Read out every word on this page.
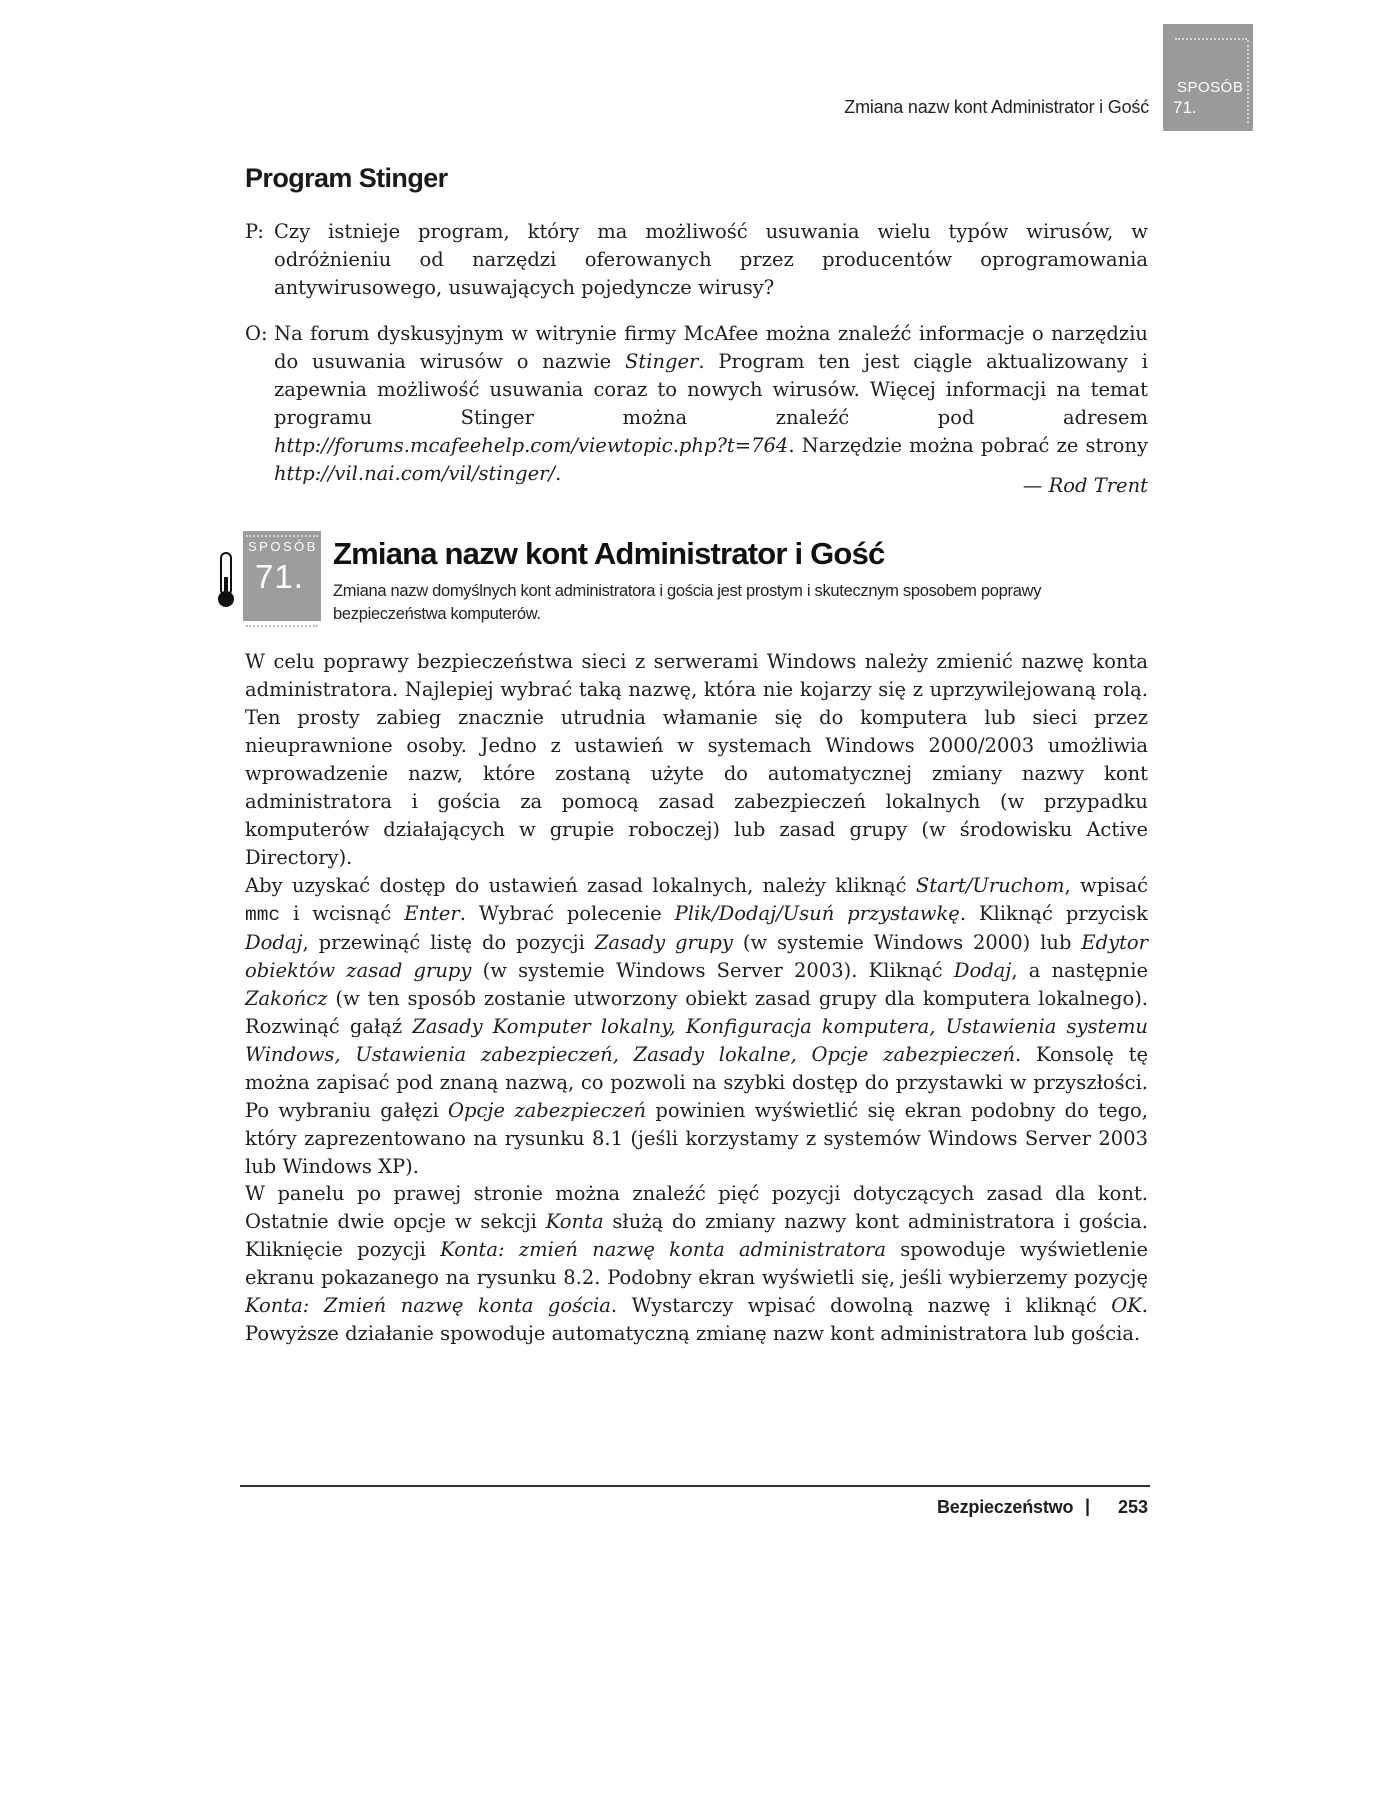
Zmiana nazw kont Administrator i Gość
SPOSÓB
71.
Program Stinger
P: Czy istnieje program, który ma możliwość usuwania wielu typów wirusów, w odróżnieniu od narzędzi oferowanych przez producentów oprogramowania antywirusowego, usuwających pojedyncze wirusy?
O: Na forum dyskusyjnym w witrynie firmy McAfee można znaleźć informacje o narzędziu do usuwania wirusów o nazwie Stinger. Program ten jest ciągle aktualizowany i zapewnia możliwość usuwania coraz to nowych wirusów. Więcej informacji na temat programu Stinger można znaleźć pod adresem http://forums.mcafeehelp.com/viewtopic.php?t=764. Narzędzie można pobrać ze strony http://vil.nai.com/vil/stinger/.
— Rod Trent
SPOSÓB
71.
Zmiana nazw kont Administrator i Gość
Zmiana nazw domyślnych kont administratora i gościa jest prostym i skutecznym sposobem poprawy bezpieczeństwa komputerów.

W celu poprawy bezpieczeństwa sieci z serwerami Windows należy zmienić nazwę konta administratora. Najlepiej wybrać taką nazwę, która nie kojarzy się z uprzywilejowaną rolą. Ten prosty zabieg znacznie utrudnia włamanie się do komputera lub sieci przez nieuprawnione osoby. Jedno z ustawień w systemach Windows 2000/2003 umożliwia wprowadzenie nazw, które zostaną użyte do automatycznej zmiany nazwy kont administratora i gościa za pomocą zasad zabezpieczeń lokalnych (w przypadku komputerów działających w grupie roboczej) lub zasad grupy (w środowisku Active Directory).

Aby uzyskać dostęp do ustawień zasad lokalnych, należy kliknąć Start/Uruchom, wpisać mmc i wcisnąć Enter. Wybrać polecenie Plik/Dodaj/Usuń przystawkę. Kliknąć przycisk Dodaj, przewinąć listę do pozycji Zasady grupy (w systemie Windows 2000) lub Edytor obiektów zasad grupy (w systemie Windows Server 2003). Kliknąć Dodaj, a następnie Zakończ (w ten sposób zostanie utworzony obiekt zasad grupy dla komputera lokalnego). Rozwinąć gałąź Zasady Komputer lokalny, Konfiguracja komputera, Ustawienia systemu Windows, Ustawienia zabezpieczeń, Zasady lokalne, Opcje zabezpieczeń. Konsolę tę można zapisać pod znaną nazwą, co pozwoli na szybki dostęp do przystawki w przyszłości. Po wybraniu gałęzi Opcje zabezpieczeń powinien wyświetlić się ekran podobny do tego, który zaprezentowano na rysunku 8.1 (jeśli korzystamy z systemów Windows Server 2003 lub Windows XP).

W panelu po prawej stronie można znaleźć pięć pozycji dotyczących zasad dla kont. Ostatnie dwie opcje w sekcji Konta służą do zmiany nazwy kont administratora i gościa. Kliknięcie pozycji Konta: zmień nazwę konta administratora spowoduje wyświetlenie ekranu pokazanego na rysunku 8.2. Podobny ekran wyświetli się, jeśli wybierzemy pozycję Konta: Zmień nazwę konta gościa. Wystarczy wpisać dowolną nazwę i kliknąć OK. Powyższe działanie spowoduje automatyczną zmianę nazw kont administratora lub gościa.

Bezpieczeństwo | 253
